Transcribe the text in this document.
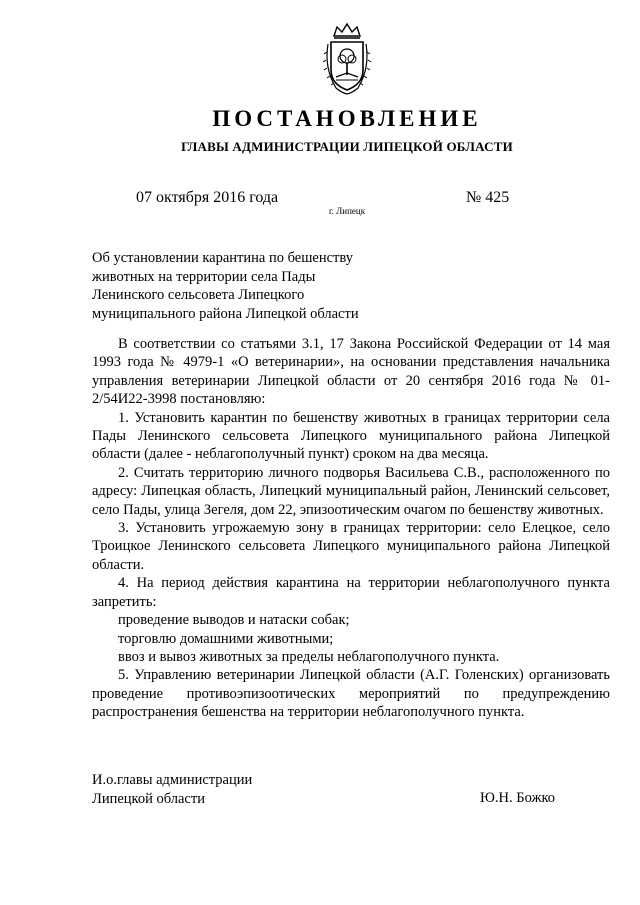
ПОСТАНОВЛЕНИЕ
ГЛАВЫ АДМИНИСТРАЦИИ ЛИПЕЦКОЙ ОБЛАСТИ
07 октября 2016 года
г. Липецк
№ 425
Об установлении карантина по бешенству
животных на территории села Пады
Ленинского сельсовета Липецкого
муниципального района Липецкой области

В соответствии со статьями 3.1, 17 Закона Российской Федерации от 14 мая 1993 года № 4979-1 «О ветеринарии», на основании представления начальника управления ветеринарии Липецкой области от 20 сентября 2016 года № 01-2/54И22-3998 постановляю:

1. Установить карантин по бешенству животных в границах территории села Пады Ленинского сельсовета Липецкого муниципального района Липецкой области (далее - неблагополучный пункт) сроком на два месяца.

2. Считать территорию личного подворья Васильева С.В., расположенного по адресу: Липецкая область, Липецкий муниципальный район, Ленинский сельсовет, село Пады, улица Зегеля, дом 22, эпизоотическим очагом по бешенству животных.

3. Установить угрожаемую зону в границах территории: село Елецкое, село Троицкое Ленинского сельсовета Липецкого муниципального района Липецкой области.

4. На период действия карантина на территории неблагополучного пункта запретить:

проведение выводов и натаски собак;

торговлю домашними животными;

ввоз и вывоз животных за пределы неблагополучного пункта.

5. Управлению ветеринарии Липецкой области (А.Г. Голенских) организовать проведение противоэпизоотических мероприятий по предупреждению распространения бешенства на территории неблагополучного пункта.

И.о.главы администрации
Липецкой области	Ю.Н. Божко
